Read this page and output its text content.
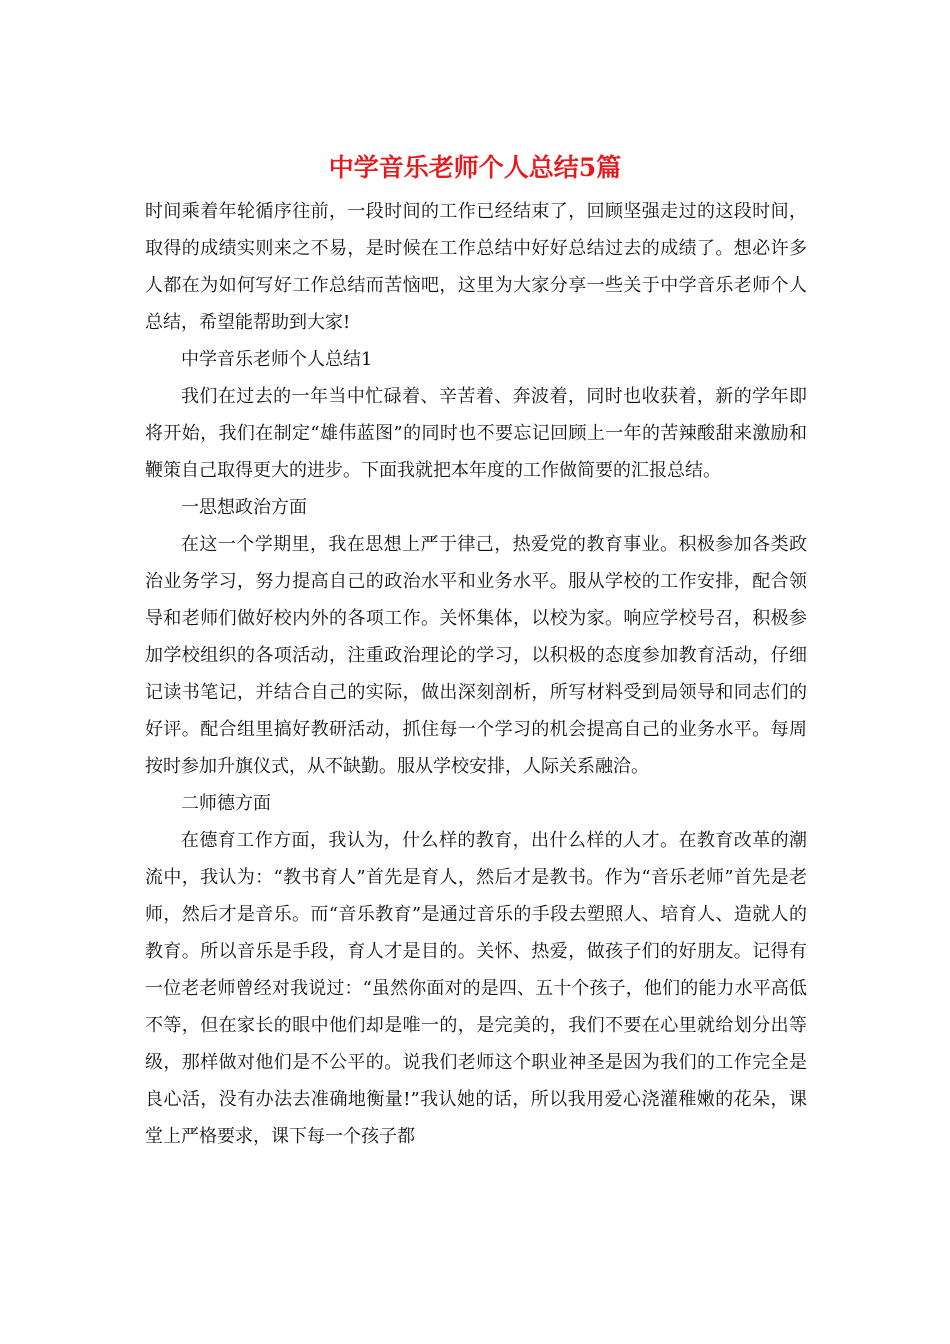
中学音乐老师个人总结5篇

时间乘着年轮循序往前，一段时间的工作已经结束了，回顾坚强走过的这段时间，取得的成绩实则来之不易，是时候在工作总结中好好总结过去的成绩了。想必许多人都在为如何写好工作总结而苦恼吧，这里为大家分享一些关于中学音乐老师个人总结，希望能帮助到大家!

中学音乐老师个人总结1

我们在过去的一年当中忙碌着、辛苦着、奔波着，同时也收获着，新的学年即将开始，我们在制定“雄伟蓝图”的同时也不要忘记回顾上一年的苦辣酸甜来激励和鞭策自己取得更大的进步。下面我就把本年度的工作做简要的汇报总结。

一思想政治方面

在这一个学期里，我在思想上严于律己，热爱党的教育事业。积极参加各类政治业务学习，努力提高自己的政治水平和业务水平。服从学校的工作安排，配合领导和老师们做好校内外的各项工作。关怀集体，以校为家。响应学校号召，积极参加学校组织的各项活动，注重政治理论的学习，以积极的态度参加教育活动，仔细记读书笔记，并结合自己的实际，做出深刻剖析，所写材料受到局领导和同志们的好评。配合组里搞好教研活动，抓住每一个学习的机会提高自己的业务水平。每周按时参加升旗仪式，从不缺勤。服从学校安排，人际关系融洽。

二师德方面

在德育工作方面，我认为，什么样的教育，出什么样的人才。在教育改革的潮流中，我认为：“教书育人”首先是育人，然后才是教书。作为“音乐老师”首先是老师，然后才是音乐。而“音乐教育”是通过音乐的手段去塑照人、培育人、造就人的教育。所以音乐是手段，育人才是目的。关怀、热爱，做孩子们的好朋友。记得有一位老老师曾经对我说过：“虽然你面对的是四、五十个孩子，他们的能力水平高低不等，但在家长的眼中他们却是唯一的，是完美的，我们不要在心里就给划分出等级，那样做对他们是不公平的。说我们老师这个职业神圣是因为我们的工作完全是良心活，没有办法去准确地衡量!”我认她的话，所以我用爱心浇灌稚嫩的花朵，课堂上严格要求，课下每一个孩子都
